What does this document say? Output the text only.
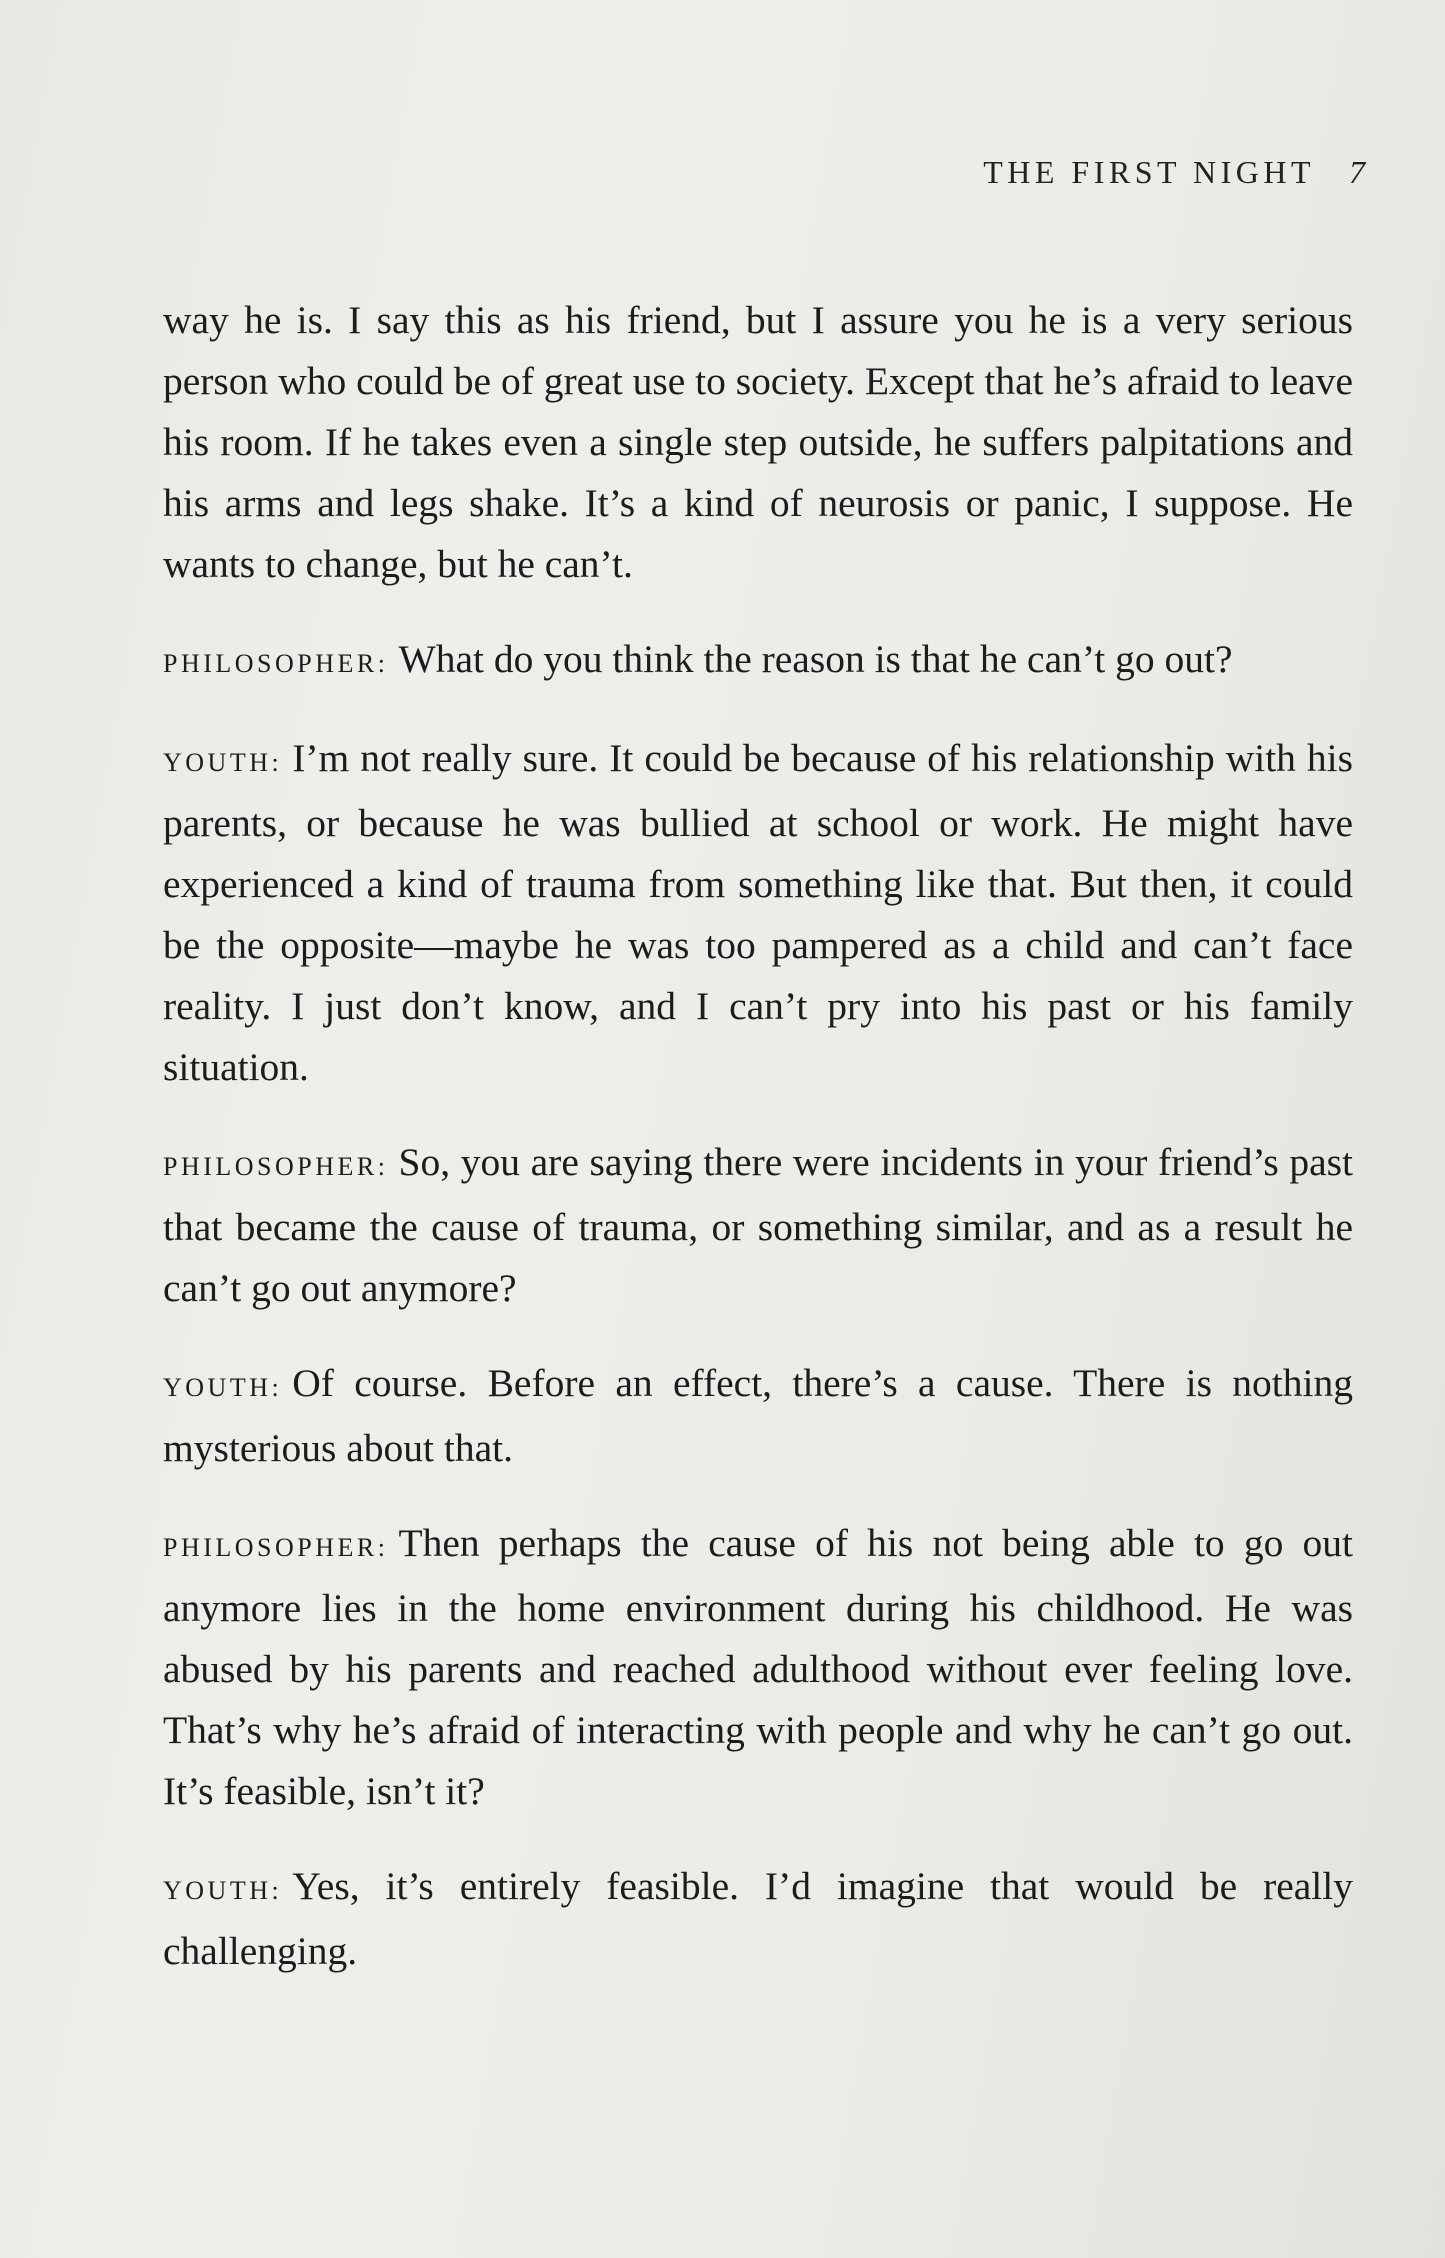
THE FIRST NIGHT 7

way he is. I say this as his friend, but I assure you he is a very serious person who could be of great use to society. Except that he’s afraid to leave his room. If he takes even a single step outside, he suffers palpitations and his arms and legs shake. It’s a kind of neurosis or panic, I suppose. He wants to change, but he can’t.

PHILOSOPHER: What do you think the reason is that he can’t go out?

YOUTH: I’m not really sure. It could be because of his relationship with his parents, or because he was bullied at school or work. He might have experienced a kind of trauma from something like that. But then, it could be the opposite—maybe he was too pampered as a child and can’t face reality. I just don’t know, and I can’t pry into his past or his family situation.

PHILOSOPHER: So, you are saying there were incidents in your friend’s past that became the cause of trauma, or something similar, and as a result he can’t go out anymore?

YOUTH: Of course. Before an effect, there’s a cause. There is nothing mysterious about that.

PHILOSOPHER: Then perhaps the cause of his not being able to go out anymore lies in the home environment during his childhood. He was abused by his parents and reached adulthood without ever feeling love. That’s why he’s afraid of interacting with people and why he can’t go out. It’s feasible, isn’t it?

YOUTH: Yes, it’s entirely feasible. I’d imagine that would be really challenging.
